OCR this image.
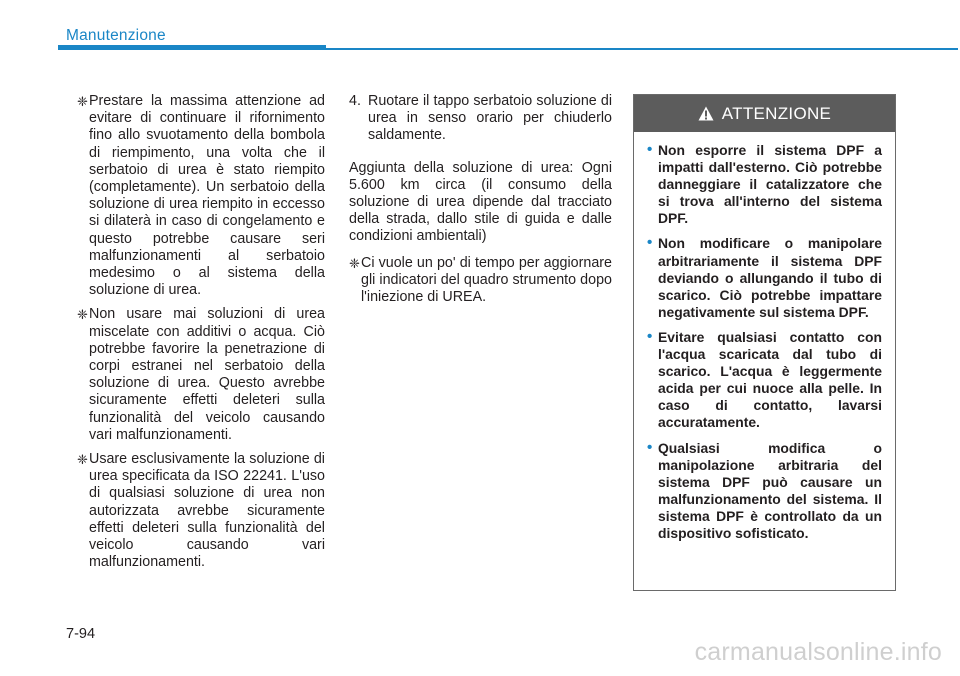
Manutenzione
❈ Prestare la massima attenzione ad evitare di continuare il rifornimento fino allo svuotamento della bombola di riempimento, una volta che il serbatoio di urea è stato riempito (completamente). Un serbatoio della soluzione di urea riempito in eccesso si dilaterà in caso di congelamento e questo potrebbe causare seri malfunzionamenti al serbatoio medesimo o al sistema della soluzione di urea.
❈ Non usare mai soluzioni di urea miscelate con additivi o acqua. Ciò potrebbe favorire la penetrazione di corpi estranei nel serbatoio della soluzione di urea. Questo avrebbe sicuramente effetti deleteri sulla funzionalità del veicolo causando vari malfunzionamenti.
❈ Usare esclusivamente la soluzione di urea specificata da ISO 22241. L'uso di qualsiasi soluzione di urea non autorizzata avrebbe sicuramente effetti deleteri sulla funzionalità del veicolo causando vari malfunzionamenti.
4. Ruotare il tappo serbatoio soluzione di urea in senso orario per chiuderlo saldamente.

Aggiunta della soluzione di urea: Ogni 5.600 km circa (il consumo della soluzione di urea dipende dal tracciato della strada, dallo stile di guida e dalle condizioni ambientali)

❈ Ci vuole un po' di tempo per aggiornare gli indicatori del quadro strumento dopo l'iniezione di UREA.
ATTENZIONE
• Non esporre il sistema DPF a impatti dall'esterno. Ciò potrebbe danneggiare il catalizzatore che si trova all'interno del sistema DPF.
• Non modificare o manipolare arbitrariamente il sistema DPF deviando o allungando il tubo di scarico. Ciò potrebbe impattare negativamente sul sistema DPF.
• Evitare qualsiasi contatto con l'acqua scaricata dal tubo di scarico. L'acqua è leggermente acida per cui nuoce alla pelle. In caso di contatto, lavarsi accuratamente.
• Qualsiasi modifica o manipolazione arbitraria del sistema DPF può causare un malfunzionamento del sistema. Il sistema DPF è controllato da un dispositivo sofisticato.
7-94
carmanualsonline.info
